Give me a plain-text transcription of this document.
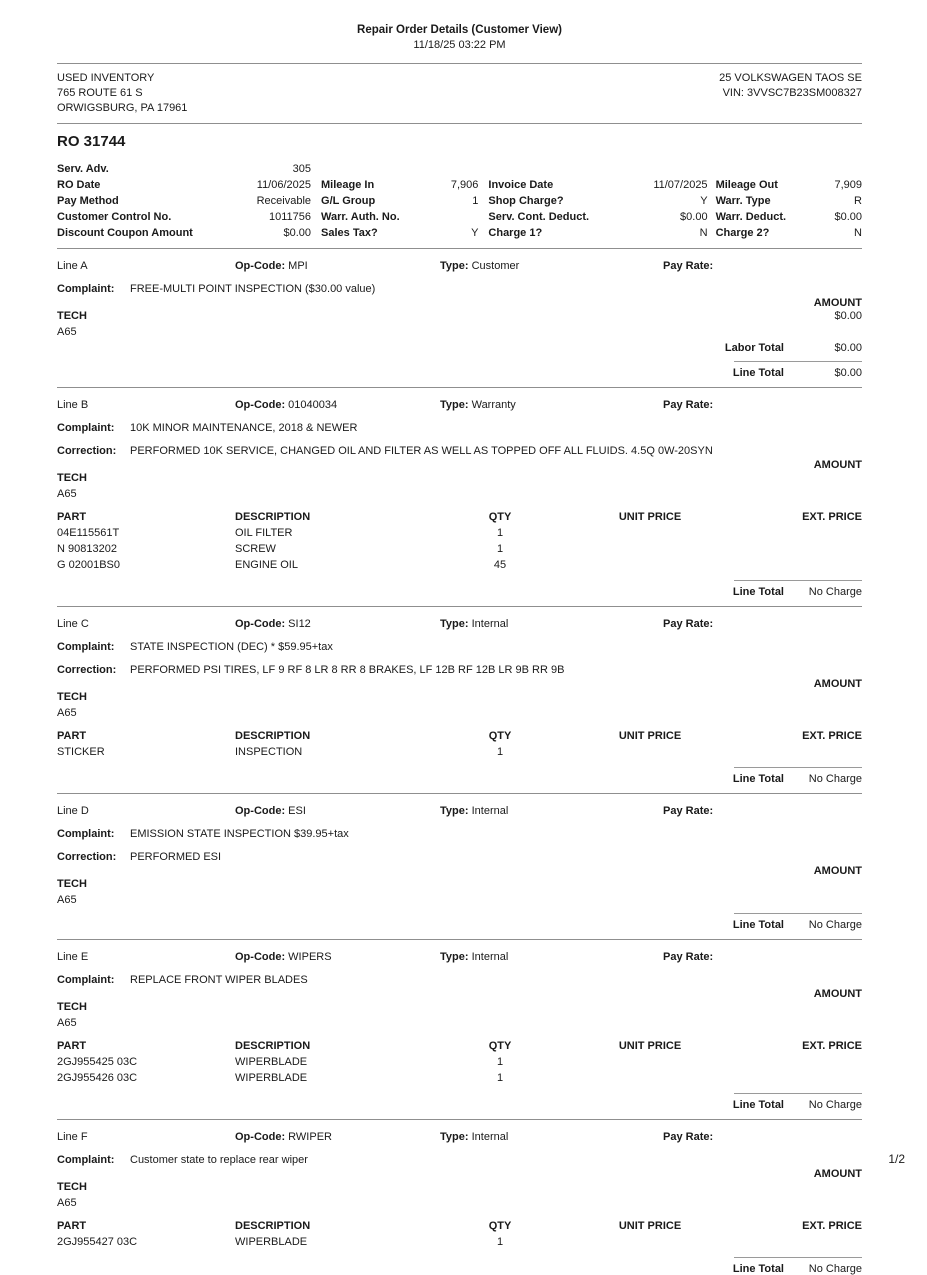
Repair Order Details (Customer View)
11/18/25 03:22 PM
USED INVENTORY
765 ROUTE 61 S
ORWIGSBURG, PA 17961
25 VOLKSWAGEN TAOS SE
VIN: 3VVSC7B23SM008327
RO 31744
Serv. Adv.	305
RO Date	11/06/2025 Mileage In	7,906 Invoice Date	11/07/2025 Mileage Out	7,909
Pay Method	Receivable G/L Group	1 Shop Charge?	Y Warr. Type	R
Customer Control No.	1011756 Warr. Auth. No.	Serv. Cont. Deduct.	$0.00 Warr. Deduct.	$0.00
Discount Coupon Amount	$0.00 Sales Tax?	Y Charge 1?	N Charge 2?	N
Line A	Op-Code: MPI	Type: Customer	Pay Rate:
Complaint:	FREE-MULTI POINT INSPECTION ($30.00 value)
AMOUNT
TECH	$0.00
A65
Labor Total	$0.00
Line Total	$0.00
Line B	Op-Code: 01040034	Type: Warranty	Pay Rate:
Complaint:	10K MINOR MAINTENANCE, 2018 & NEWER
Correction:	PERFORMED 10K SERVICE, CHANGED OIL AND FILTER AS WELL AS TOPPED OFF ALL FLUIDS. 4.5Q 0W-20SYN
AMOUNT
TECH
A65
PART	DESCRIPTION	QTY	UNIT PRICE	EXT. PRICE
04E115561T	OIL FILTER	1
N 90813202	SCREW	1
G 02001BS0	ENGINE OIL	45
Line Total	No Charge
Line C	Op-Code: SI12	Type: Internal	Pay Rate:
Complaint:	STATE INSPECTION (DEC) * $59.95+tax
Correction:	PERFORMED PSI TIRES, LF 9 RF 8 LR 8 RR 8 BRAKES, LF 12B RF 12B LR 9B RR 9B
AMOUNT
TECH
A65
PART	DESCRIPTION	QTY	UNIT PRICE	EXT. PRICE
STICKER	INSPECTION	1
Line Total	No Charge
Line D	Op-Code: ESI	Type: Internal	Pay Rate:
Complaint:	EMISSION STATE INSPECTION $39.95+tax
Correction:	PERFORMED ESI
AMOUNT
TECH
A65
Line Total	No Charge
Line E	Op-Code: WIPERS	Type: Internal	Pay Rate:
Complaint:	REPLACE FRONT WIPER BLADES
AMOUNT
TECH
A65
PART	DESCRIPTION	QTY	UNIT PRICE	EXT. PRICE
2GJ955425 03C	WIPERBLADE	1
2GJ955426 03C	WIPERBLADE	1
Line Total	No Charge
Line F	Op-Code: RWIPER	Type: Internal	Pay Rate:
Complaint:	Customer state to replace rear wiper
AMOUNT
TECH
A65
PART	DESCRIPTION	QTY	UNIT PRICE	EXT. PRICE
2GJ955427 03C	WIPERBLADE	1
Line Total	No Charge
1/2
